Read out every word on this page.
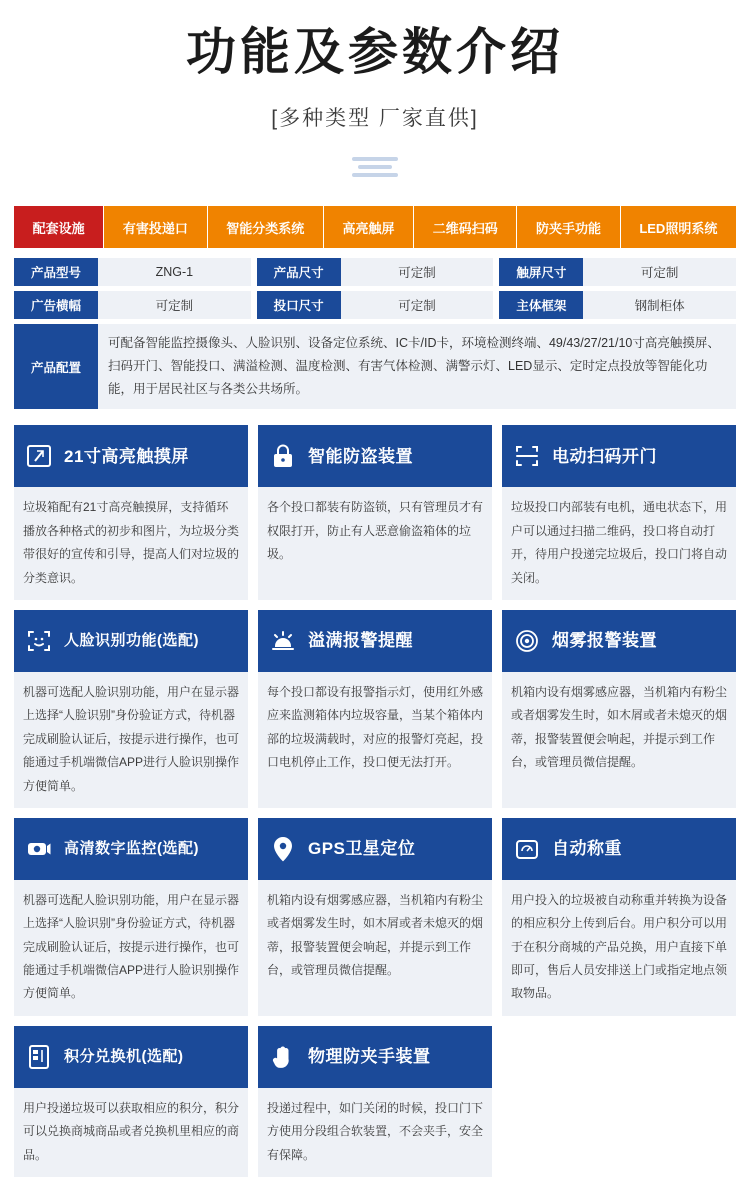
功能及参数介绍
[多种类型 厂家直供]
配套设施	有害投递口	智能分类系统	高亮触屏	二维码扫码	防夹手功能	LED照明系统
产品型号	ZNG-1	产品尺寸	可定制	触屏尺寸	可定制
广告横幅	可定制	投口尺寸	可定制	主体框架	钢制柜体
产品配置
可配备智能监控摄像头、人脸识别、设备定位系统、IC卡/ID卡，环境检测终端、49/43/27/21/10寸高亮触摸屏、扫码开门、智能投口、满溢检测、温度检测、有害气体检测、满警示灯、LED显示、定时定点投放等智能化功能，用于居民社区与各类公共场所。
21寸高亮触摸屏
垃圾箱配有21寸高亮触摸屏，支持循环播放各种格式的初步和图片，为垃圾分类带很好的宣传和引导，提高人们对垃圾的分类意识。
智能防盗装置
各个投口都装有防盗锁，只有管理员才有权限打开，防止有人恶意偷盗箱体的垃圾。
电动扫码开门
垃圾投口内部装有电机，通电状态下，用户可以通过扫描二维码，投口将自动打开，待用户投递完垃圾后，投口门将自动关闭。
人脸识别功能(选配)
机器可选配人脸识别功能，用户在显示器上选择“人脸识别”身份验证方式，待机器完成刷脸认证后，按提示进行操作，也可能通过手机端微信APP进行人脸识别操作方便简单。
溢满报警提醒
每个投口都设有报警指示灯，使用红外感应来监测箱体内垃圾容量，当某个箱体内部的垃圾满载时，对应的报警灯亮起，投口电机停止工作，投口便无法打开。
烟雾报警装置
机箱内设有烟雾感应器，当机箱内有粉尘或者烟雾发生时，如木屑或者未熄灭的烟蒂，报警装置便会响起，并提示到工作台，或管理员微信提醒。
高清数字监控(选配)
机器可选配人脸识别功能，用户在显示器上选择“人脸识别”身份验证方式，待机器完成刷脸认证后，按提示进行操作，也可能通过手机端微信APP进行人脸识别操作方便简单。
GPS卫星定位
机箱内设有烟雾感应器，当机箱内有粉尘或者烟雾发生时，如木屑或者未熄灭的烟蒂，报警装置便会响起，并提示到工作台，或管理员微信提醒。
自动称重
用户投入的垃圾被自动称重并转换为设备的相应积分上传到后台。用户积分可以用于在积分商城的产品兑换，用户直接下单即可，售后人员安排送上门或指定地点领取物品。
积分兑换机(选配)
用户投递垃圾可以获取相应的积分，积分可以兑换商城商品或者兑换机里相应的商品。
物理防夹手装置
投递过程中，如门关闭的时候，投口门下方使用分段组合软装置，不会夹手，安全有保障。
